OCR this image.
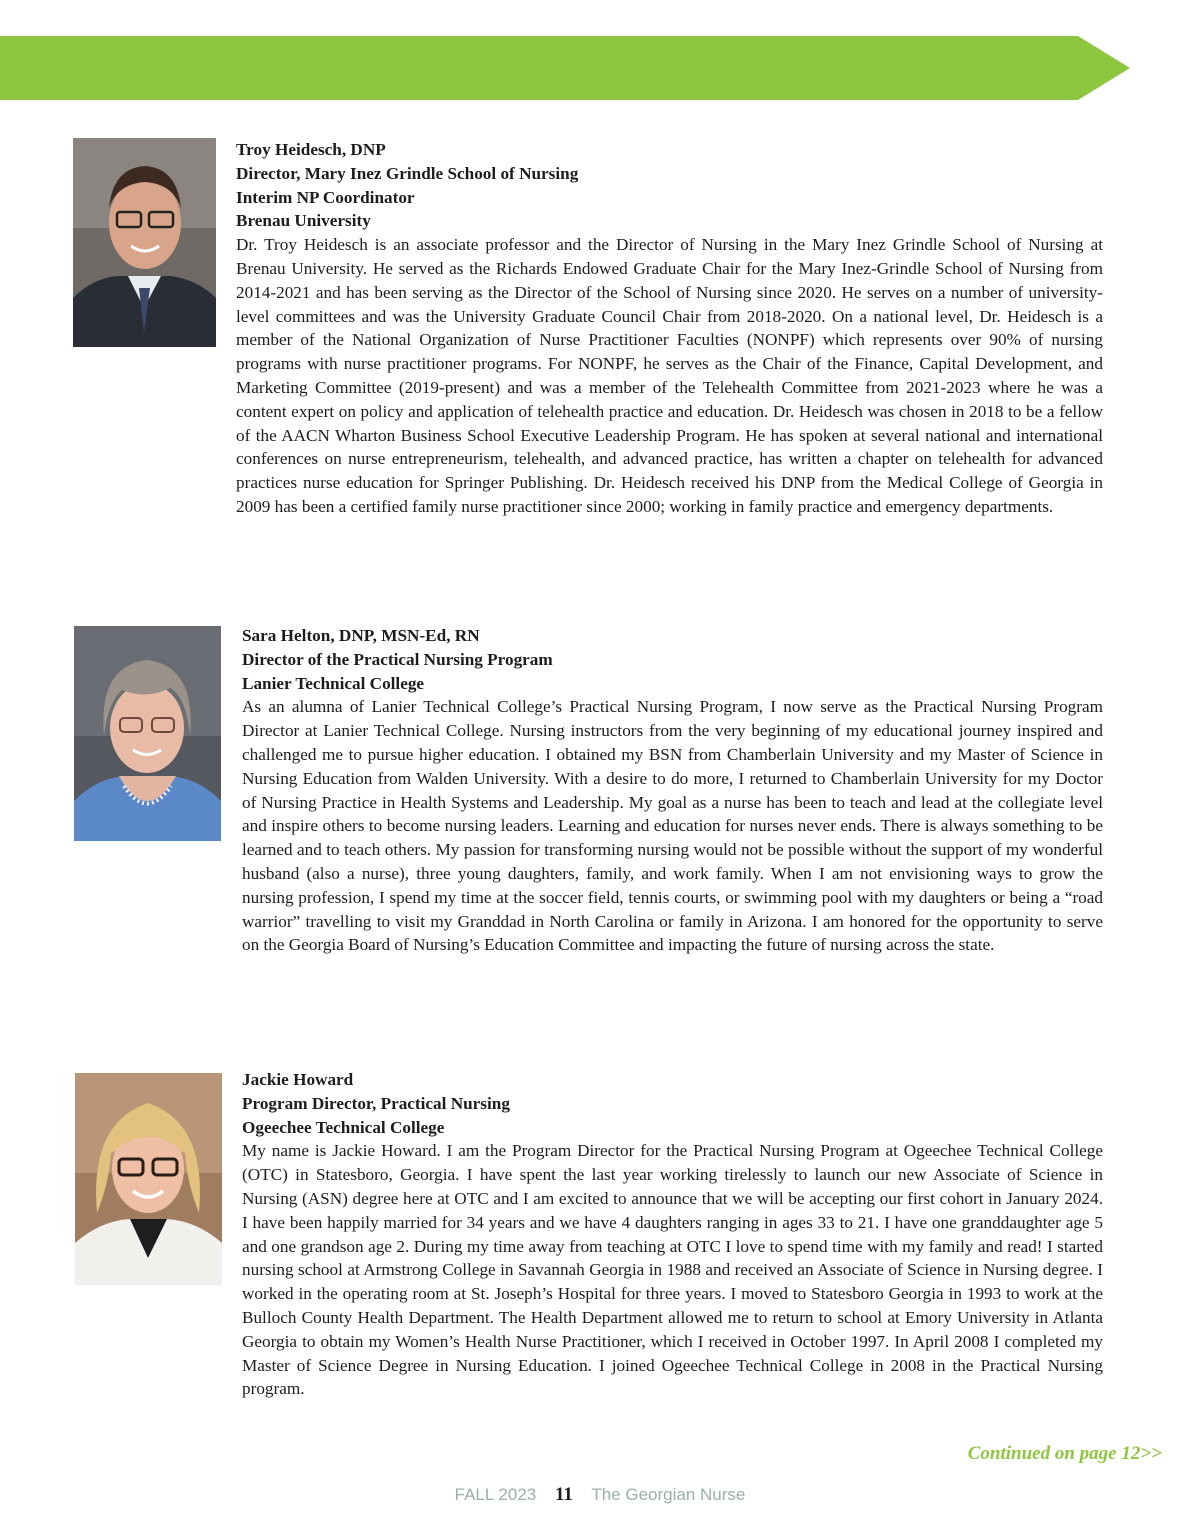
Troy Heidesch, DNP
Director, Mary Inez Grindle School of Nursing
Interim NP Coordinator
Brenau University

Dr. Troy Heidesch is an associate professor and the Director of Nursing in the Mary Inez Grindle School of Nursing at Brenau University. He served as the Richards Endowed Graduate Chair for the Mary Inez-Grindle School of Nursing from 2014-2021 and has been serving as the Director of the School of Nursing since 2020. He serves on a number of university-level committees and was the University Graduate Council Chair from 2018-2020. On a national level, Dr. Heidesch is a member of the National Organization of Nurse Practitioner Faculties (NONPF) which represents over 90% of nursing programs with nurse practitioner programs. For NONPF, he serves as the Chair of the Finance, Capital Development, and Marketing Committee (2019-present) and was a member of the Telehealth Committee from 2021-2023 where he was a content expert on policy and application of telehealth practice and education. Dr. Heidesch was chosen in 2018 to be a fellow of the AACN Wharton Business School Executive Leadership Program. He has spoken at several national and international conferences on nurse entrepreneurism, telehealth, and advanced practice, has written a chapter on telehealth for advanced practices nurse education for Springer Publishing. Dr. Heidesch received his DNP from the Medical College of Georgia in 2009 has been a certified family nurse practitioner since 2000; working in family practice and emergency departments.

Sara Helton, DNP, MSN-Ed, RN
Director of the Practical Nursing Program
Lanier Technical College

As an alumna of Lanier Technical College’s Practical Nursing Program, I now serve as the Practical Nursing Program Director at Lanier Technical College. Nursing instructors from the very beginning of my educational journey inspired and challenged me to pursue higher education. I obtained my BSN from Chamberlain University and my Master of Science in Nursing Education from Walden University. With a desire to do more, I returned to Chamberlain University for my Doctor of Nursing Practice in Health Systems and Leadership. My goal as a nurse has been to teach and lead at the collegiate level and inspire others to become nursing leaders. Learning and education for nurses never ends. There is always something to be learned and to teach others. My passion for transforming nursing would not be possible without the support of my wonderful husband (also a nurse), three young daughters, family, and work family. When I am not envisioning ways to grow the nursing profession, I spend my time at the soccer field, tennis courts, or swimming pool with my daughters or being a “road warrior” travelling to visit my Granddad in North Carolina or family in Arizona. I am honored for the opportunity to serve on the Georgia Board of Nursing’s Education Committee and impacting the future of nursing across the state.

Jackie Howard
Program Director, Practical Nursing
Ogeechee Technical College

My name is Jackie Howard. I am the Program Director for the Practical Nursing Program at Ogeechee Technical College (OTC) in Statesboro, Georgia. I have spent the last year working tirelessly to launch our new Associate of Science in Nursing (ASN) degree here at OTC and I am excited to announce that we will be accepting our first cohort in January 2024. I have been happily married for 34 years and we have 4 daughters ranging in ages 33 to 21. I have one granddaughter age 5 and one grandson age 2. During my time away from teaching at OTC I love to spend time with my family and read! I started nursing school at Armstrong College in Savannah Georgia in 1988 and received an Associate of Science in Nursing degree. I worked in the operating room at St. Joseph’s Hospital for three years. I moved to Statesboro Georgia in 1993 to work at the Bulloch County Health Department. The Health Department allowed me to return to school at Emory University in Atlanta Georgia to obtain my Women’s Health Nurse Practitioner, which I received in October 1997. In April 2008 I completed my Master of Science Degree in Nursing Education. I joined Ogeechee Technical College in 2008 in the Practical Nursing program.

Continued on page 12>>
FALL 2023 11 The Georgian Nurse
